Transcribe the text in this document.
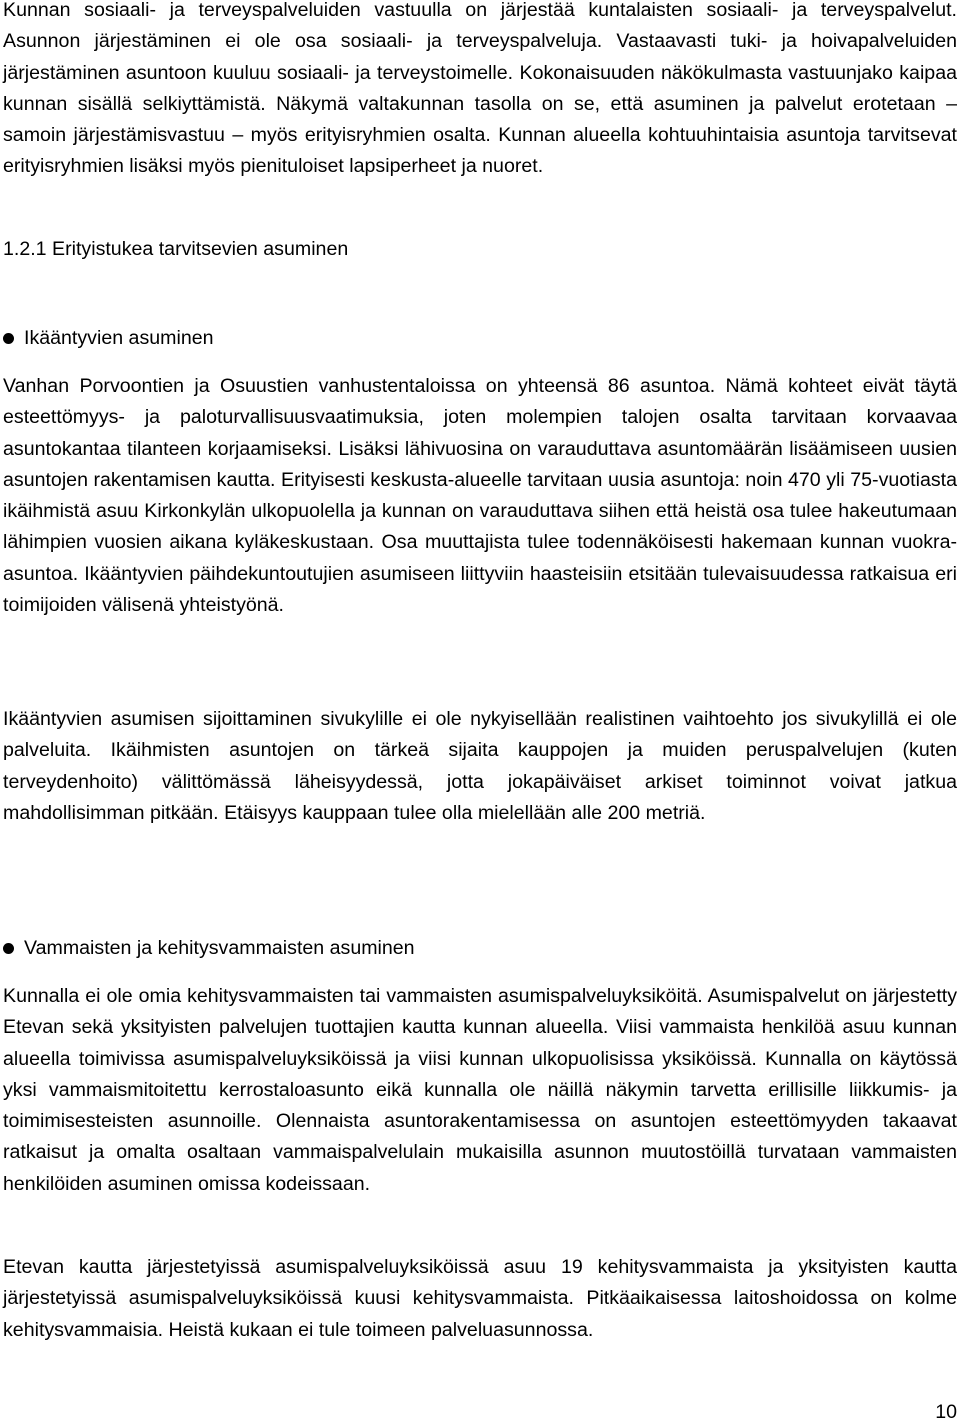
Kunnan sosiaali- ja terveyspalveluiden vastuulla on järjestää kuntalaisten sosiaali- ja terveyspalvelut. Asunnon järjestäminen ei ole osa sosiaali- ja terveyspalveluja. Vastaavasti tuki- ja hoivapalveluiden järjestäminen asuntoon kuuluu sosiaali- ja terveystoimelle. Kokonaisuuden näkökulmasta vastuunjako kaipaa kunnan sisällä selkiyttämistä. Näkymä valtakunnan tasolla on se, että asuminen ja palvelut erotetaan – samoin järjestämisvastuu – myös erityisryhmien osalta. Kunnan alueella kohtuuhintaisia asuntoja tarvitsevat erityisryhmien lisäksi myös pienituloiset lapsiperheet ja nuoret.

1.2.1 Erityistukea tarvitsevien asuminen

Ikääntyvien asuminen

Vanhan Porvoontien ja Osuustien vanhustentaloissa on yhteensä 86 asuntoa. Nämä kohteet eivät täytä esteettömyys- ja paloturvallisuusvaatimuksia, joten molempien talojen osalta tarvitaan korvaavaa asuntokantaa tilanteen korjaamiseksi. Lisäksi lähivuosina on varauduttava asuntomäärän lisäämiseen uusien asuntojen rakentamisen kautta. Erityisesti keskusta-alueelle tarvitaan uusia asuntoja: noin 470 yli 75-vuotiasta ikäihmistä asuu Kirkonkylän ulkopuolella ja kunnan on varauduttava siihen että heistä osa tulee hakeutumaan lähimpien vuosien aikana kyläkeskustaan. Osa muuttajista tulee todennäköisesti hakemaan kunnan vuokra-asuntoa. Ikääntyvien päihdekuntoutujien asumiseen liittyviin haasteisiin etsitään tulevaisuudessa ratkaisua eri toimijoiden välisenä yhteistyönä.

Ikääntyvien asumisen sijoittaminen sivukylille ei ole nykyisellään realistinen vaihtoehto jos sivukylillä ei ole palveluita. Ikäihmisten asuntojen on tärkeä sijaita kauppojen ja muiden peruspalvelujen (kuten terveydenhoito) välittömässä läheisyydessä, jotta jokapäiväiset arkiset toiminnot voivat jatkua mahdollisimman pitkään. Etäisyys kauppaan tulee olla mielellään alle 200 metriä.

Vammaisten ja kehitysvammaisten asuminen

Kunnalla ei ole omia kehitysvammaisten tai vammaisten asumispalveluyksiköitä. Asumispalvelut on järjestetty Etevan sekä yksityisten palvelujen tuottajien kautta kunnan alueella. Viisi vammaista henkilöä asuu kunnan alueella toimivissa asumispalveluyksiköissä ja viisi kunnan ulkopuolisissa yksiköissä. Kunnalla on käytössä yksi vammaismitoitettu kerrostaloasunto eikä kunnalla ole näillä näkymin tarvetta erillisille liikkumis- ja toimimisesteisten asunnoille. Olennaista asuntorakentamisessa on asuntojen esteettömyyden takaavat ratkaisut ja omalta osaltaan vammaispalvelulain mukaisilla asunnon muutostöillä turvataan vammaisten henkilöiden asuminen omissa kodeissaan.

Etevan kautta järjestetyissä asumispalveluyksiköissä asuu 19 kehitysvammaista ja yksityisten kautta järjestetyissä asumispalveluyksiköissä kuusi kehitysvammaista. Pitkäaikaisessa laitoshoidossa on kolme kehitysvammaisia. Heistä kukaan ei tule toimeen palveluasunnossa.

10
